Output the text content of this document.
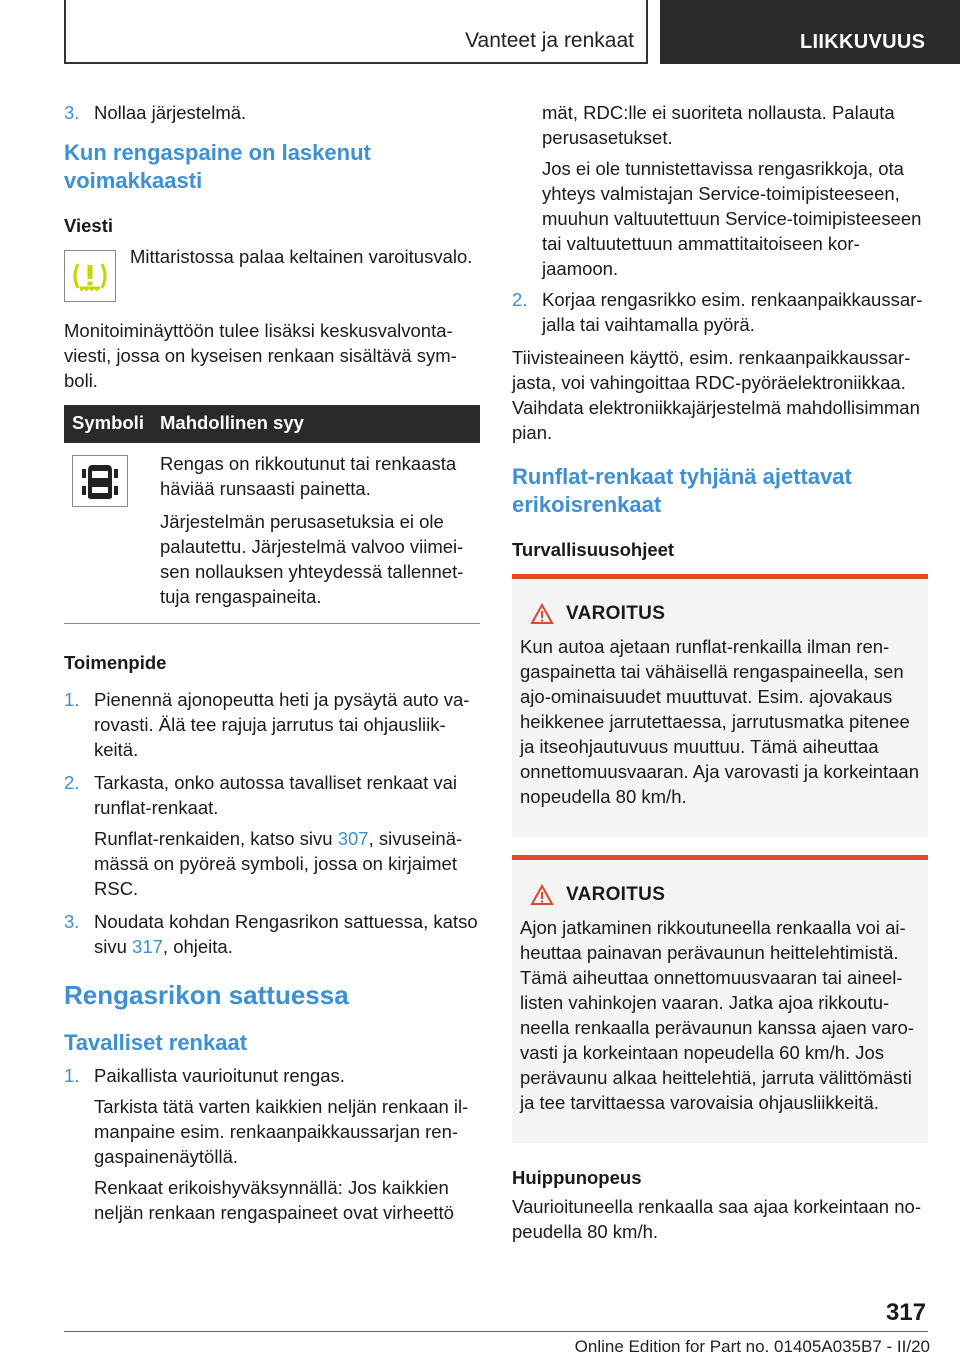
Vanteet ja renkaat	LIIKKUVUUS
3. Nollaa järjestelmä.

Kun rengaspaine on laskenut voimakkaasti
Viesti

Mittaristossa palaa keltainen varoitusvalo.

Monitoiminäyttöön tulee lisäksi keskusvalvontaviesti, jossa on kyseisen renkaan sisältävä symboli.

Symboli	Mahdollinen syy

Rengas on rikkoutunut tai renkaasta häviää runsaasti painetta.

Järjestelmän perusasetuksia ei ole palautettu. Järjestelmä valvoo viimeisen nollauksen yhteydessä tallennettuja rengaspaineita.

Toimenpide
1. Pienennä ajonopeutta heti ja pysäytä auto varovasti. Älä tee rajuja jarrutus tai ohjausliikkeitä.

2. Tarkasta, onko autossa tavalliset renkaat vai runflat-renkaat.

Runflat-renkaiden, katso sivu 307, sivuseinämässä on pyöreä symboli, jossa on kirjaimet RSC.

3. Noudata kohdan Rengasrikon sattuessa, katso sivu 317, ohjeita.

Rengasrikon sattuessa
Tavalliset renkaat
1. Paikallista vaurioitunut rengas.

Tarkista tätä varten kaikkien neljän renkaan ilmanpaine esim. renkaanpaikkaussarjan rengaspainenäytöllä.

Renkaat erikoishyväksynnällä: Jos kaikkien neljän renkaan rengaspaineet ovat virheettö

mät, RDC:lle ei suoriteta nollausta. Palauta perusasetukset.

Jos ei ole tunnistettavissa rengasrikkoja, ota yhteys valmistajan Service-toimipisteeseen, muuhun valtuutettuun Service-toimipisteeseen tai valtuutettuun ammattitaitoiseen korjaamoon.

2. Korjaa rengasrikko esim. renkaanpaikkaussarjalla tai vaihtamalla pyörä.

Tiivisteaineen käyttö, esim. renkaanpaikkaussarjasta, voi vahingoittaa RDC-pyöräelektroniikkaa. Vaihdata elektroniikkajärjestelmä mahdollisimman pian.

Runflat-renkaat tyhjänä ajettavat erikoisrenkaat
Turvallisuusohjeet
VAROITUS

Kun autoa ajetaan runflat-renkailla ilman rengaspainetta tai vähäisellä rengaspaineella, sen ajo-ominaisuudet muuttuvat. Esim. ajovakaus heikkenee jarrutettaessa, jarrutusmatka pitenee ja itseohjautuvuus muuttuu. Tämä aiheuttaa onnettomuusvaaran. Aja varovasti ja korkeintaan nopeudella 80 km/h.

VAROITUS

Ajon jatkaminen rikkoutuneella renkaalla voi aiheuttaa painavan perävaunun heittelehtimistä. Tämä aiheuttaa onnettomuusvaaran tai aineellisten vahinkojen vaaran. Jatka ajoa rikkoutuneella renkaalla perävaunun kanssa ajaen varovasti ja korkeintaan nopeudella 60 km/h. Jos perävaunu alkaa heittelehtiä, jarruta välittömästi ja tee tarvittaessa varovaisia ohjausliikkeitä.

Huippunopeus

Vaurioituneella renkaalla saa ajaa korkeintaan nopeudella 80 km/h.

317
Online Edition for Part no. 01405A035B7 - II/20
